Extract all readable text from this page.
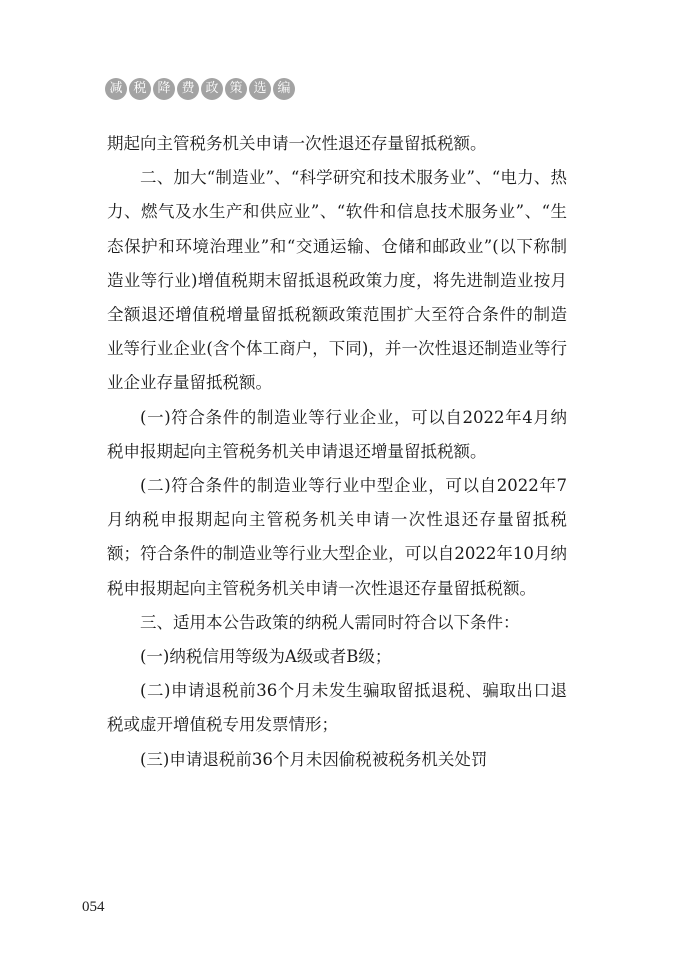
减 税 降 费 政 策 选 编

期起向主管税务机关申请一次性退还存量留抵税额。

二、加大“制造业”、“科学研究和技术服务业”、“电力、热力、燃气及水生产和供应业”、“软件和信息技术服务业”、“生态保护和环境治理业”和“交通运输、仓储和邮政业”(以下称制造业等行业)增值税期末留抵退税政策力度，将先进制造业按月全额退还增值税增量留抵税额政策范围扩大至符合条件的制造业等行业企业(含个体工商户，下同)，并一次性退还制造业等行业企业存量留抵税额。

(一)符合条件的制造业等行业企业，可以自2022年4月纳税申报期起向主管税务机关申请退还增量留抵税额。

(二)符合条件的制造业等行业中型企业，可以自2022年7月纳税申报期起向主管税务机关申请一次性退还存量留抵税额；符合条件的制造业等行业大型企业，可以自2022年10月纳税申报期起向主管税务机关申请一次性退还存量留抵税额。

三、适用本公告政策的纳税人需同时符合以下条件：

(一)纳税信用等级为A级或者B级；

(二)申请退税前36个月未发生骗取留抵退税、骗取出口退税或虚开增值税专用发票情形；

(三)申请退税前36个月未因偷税被税务机关处罚

054
